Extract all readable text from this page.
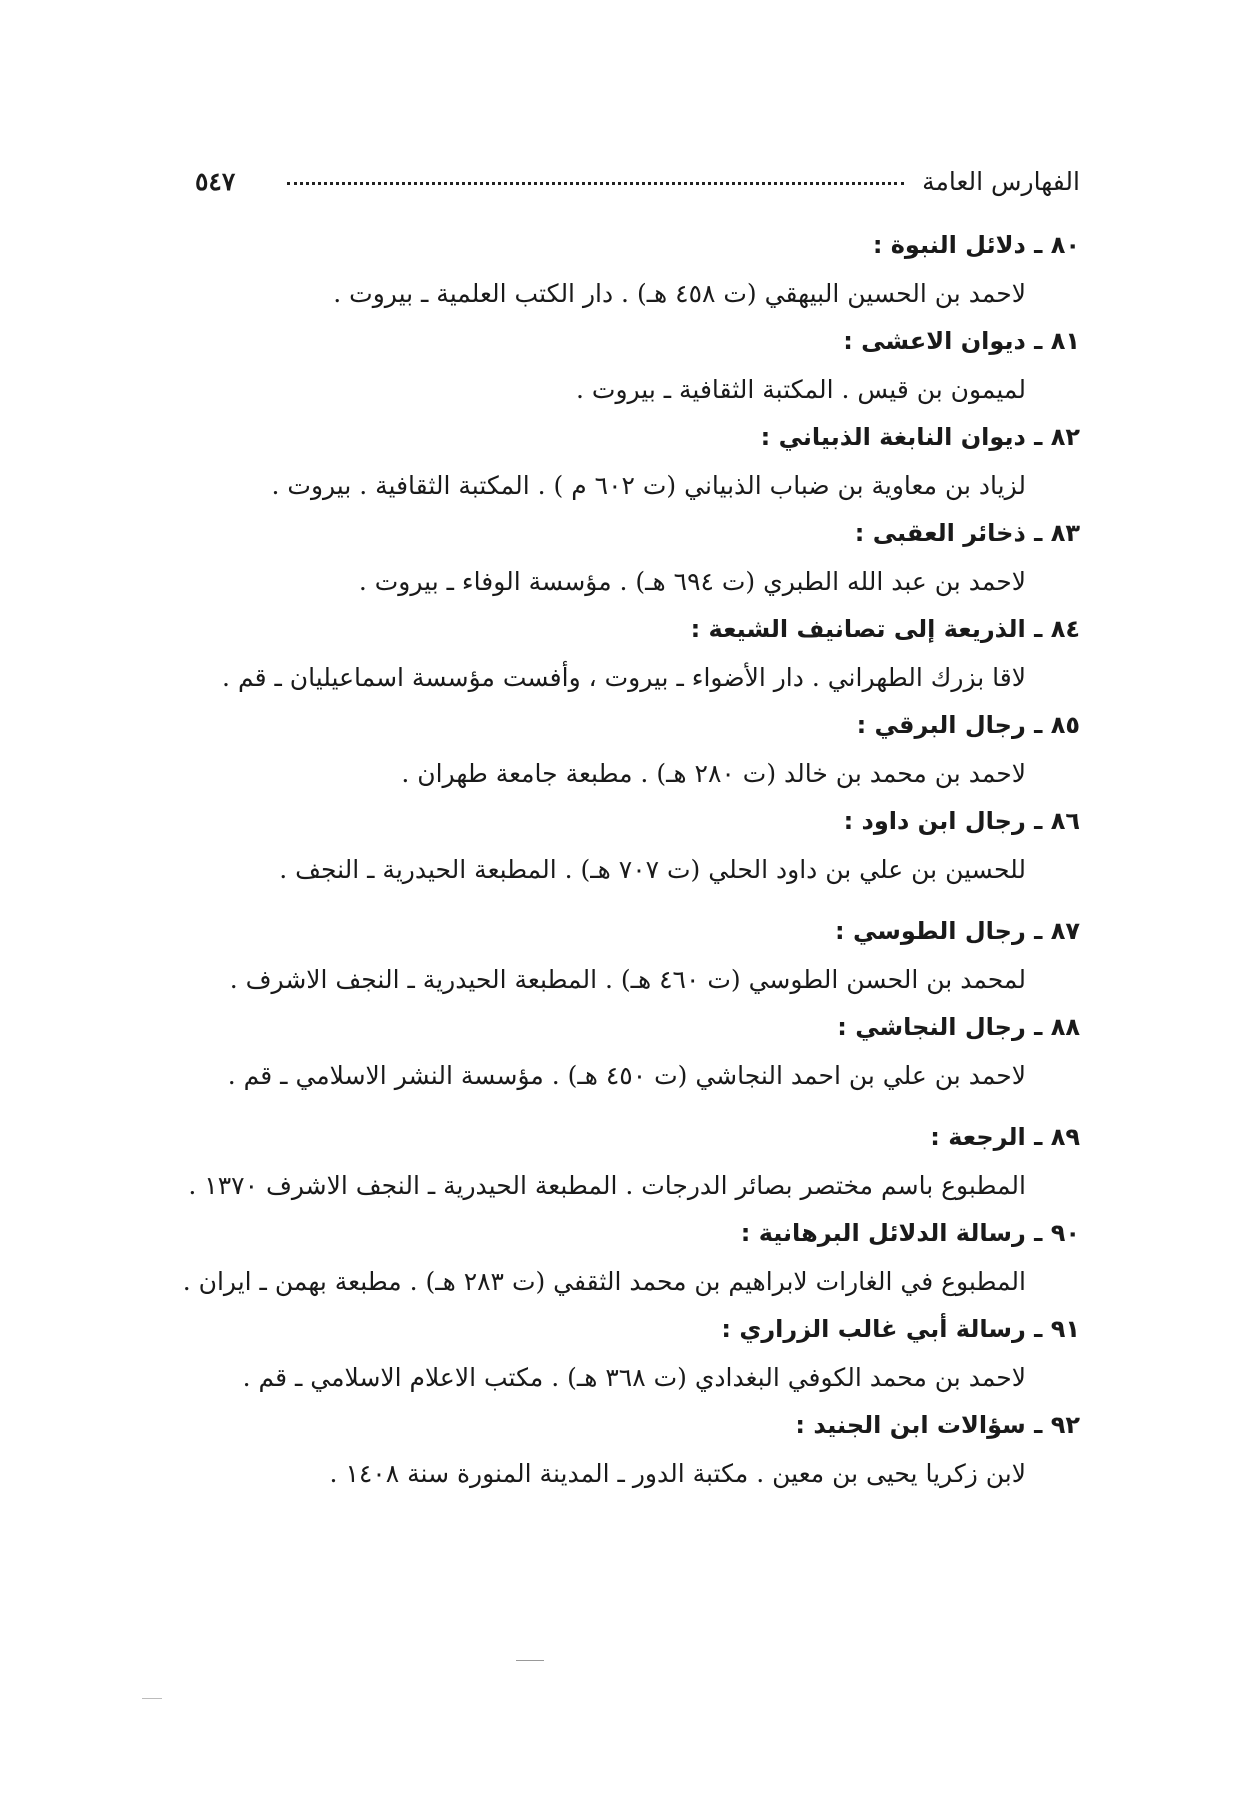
الفهارس العامة
٥٤٧
٨٠ ـ دلائل النبوة :
لاحمد بن الحسين البيهقي (ت ٤٥٨ هـ) . دار الكتب العلمية ـ بيروت .
٨١ ـ ديوان الاعشى :
لميمون بن قيس . المكتبة الثقافية ـ بيروت .
٨٢ ـ ديوان النابغة الذبياني :
لزياد بن معاوية بن ضباب الذبياني (ت ٦٠٢ م ) . المكتبة الثقافية . بيروت .
٨٣ ـ ذخائر العقبى :
لاحمد بن عبد الله الطبري (ت ٦٩٤ هـ) . مؤسسة الوفاء ـ بيروت .
٨٤ ـ الذريعة إلى تصانيف الشيعة :
لاقا بزرك الطهراني . دار الأضواء ـ بيروت ، وأفست مؤسسة اسماعيليان ـ قم .
٨٥ ـ رجال البرقي :
لاحمد بن محمد بن خالد (ت ٢٨٠ هـ) . مطبعة جامعة طهران .
٨٦ ـ رجال ابن داود :
للحسين بن علي بن داود الحلي (ت ٧٠٧ هـ) . المطبعة الحيدرية ـ النجف .
٨٧ ـ رجال الطوسي :
لمحمد بن الحسن الطوسي (ت ٤٦٠ هـ) . المطبعة الحيدرية ـ النجف الاشرف .
٨٨ ـ رجال النجاشي :
لاحمد بن علي بن احمد النجاشي (ت ٤٥٠ هـ) . مؤسسة النشر الاسلامي ـ قم .
٨٩ ـ الرجعة :
المطبوع باسم مختصر بصائر الدرجات . المطبعة الحيدرية ـ النجف الاشرف ١٣٧٠ .
٩٠ ـ رسالة الدلائل البرهانية :
المطبوع في الغارات لابراهيم بن محمد الثقفي (ت ٢٨٣ هـ) . مطبعة بهمن ـ ايران .
٩١ ـ رسالة أبي غالب الزراري :
لاحمد بن محمد الكوفي البغدادي (ت ٣٦٨ هـ) . مكتب الاعلام الاسلامي ـ قم .
٩٢ ـ سؤالات ابن الجنيد :
لابن زكريا يحيى بن معين . مكتبة الدور ـ المدينة المنورة سنة ١٤٠٨ .
